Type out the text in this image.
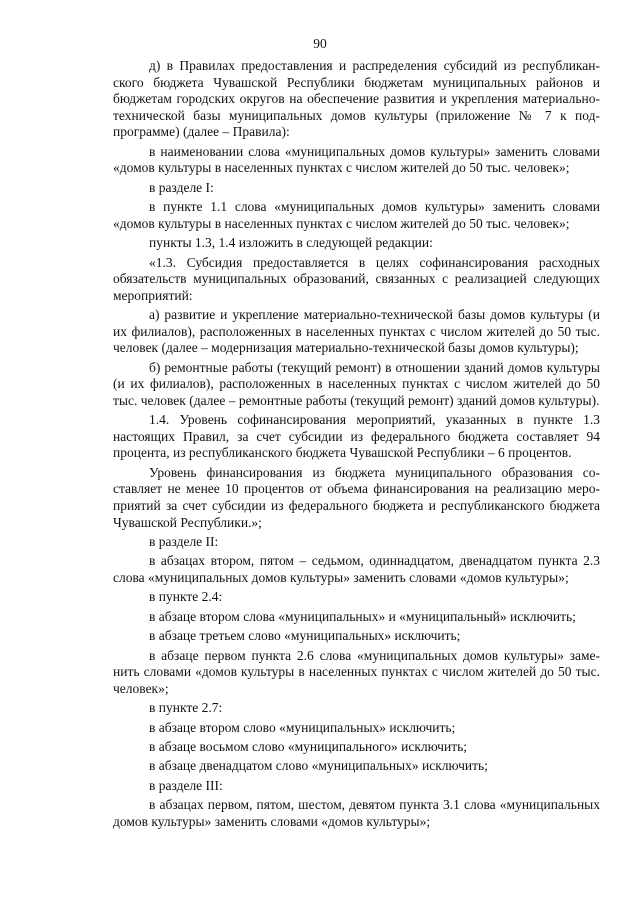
90

д) в Правилах предоставления и распределения субсидий из республиканского бюджета Чувашской Республики бюджетам муниципальных районов и бюджетам городских округов на обеспечение развития и укрепления материально-технической базы муниципальных домов культуры (приложение № 7 к подпрограмме) (далее – Правила):

в наименовании слова «муниципальных домов культуры» заменить словами «домов культуры в населенных пунктах с числом жителей до 50 тыс. человек»;

в разделе I:

в пункте 1.1 слова «муниципальных домов культуры» заменить словами «домов культуры в населенных пунктах с числом жителей до 50 тыс. человек»;

пункты 1.3, 1.4 изложить в следующей редакции:

«1.3. Субсидия предоставляется в целях софинансирования расходных обязательств муниципальных образований, связанных с реализацией следующих мероприятий:

а) развитие и укрепление материально-технической базы домов культуры (и их филиалов), расположенных в населенных пунктах с числом жителей до 50 тыс. человек (далее – модернизация материально-технической базы домов культуры);

б) ремонтные работы (текущий ремонт) в отношении зданий домов культуры (и их филиалов), расположенных в населенных пунктах с числом жителей до 50 тыс. человек (далее – ремонтные работы (текущий ремонт) зданий домов культуры).

1.4. Уровень софинансирования мероприятий, указанных в пункте 1.3 настоящих Правил, за счет субсидии из федерального бюджета составляет 94 процента, из республиканского бюджета Чувашской Республики – 6 процентов.

Уровень финансирования из бюджета муниципального образования составляет не менее 10 процентов от объема финансирования на реализацию мероприятий за счет субсидии из федерального бюджета и республиканского бюджета Чувашской Республики.»;

в разделе II:

в абзацах втором, пятом – седьмом, одиннадцатом, двенадцатом пункта 2.3 слова «муниципальных домов культуры» заменить словами «домов культуры»;

в пункте 2.4:

в абзаце втором слова «муниципальных» и «муниципальный» исключить;

в абзаце третьем слово «муниципальных» исключить;

в абзаце первом пункта 2.6 слова «муниципальных домов культуры» заменить словами «домов культуры в населенных пунктах с числом жителей до 50 тыс. человек»;

в пункте 2.7:

в абзаце втором слово «муниципальных» исключить;

в абзаце восьмом слово «муниципального» исключить;

в абзаце двенадцатом слово «муниципальных» исключить;

в разделе III:

в абзацах первом, пятом, шестом, девятом пункта 3.1 слова «муниципальных домов культуры» заменить словами «домов культуры»;
